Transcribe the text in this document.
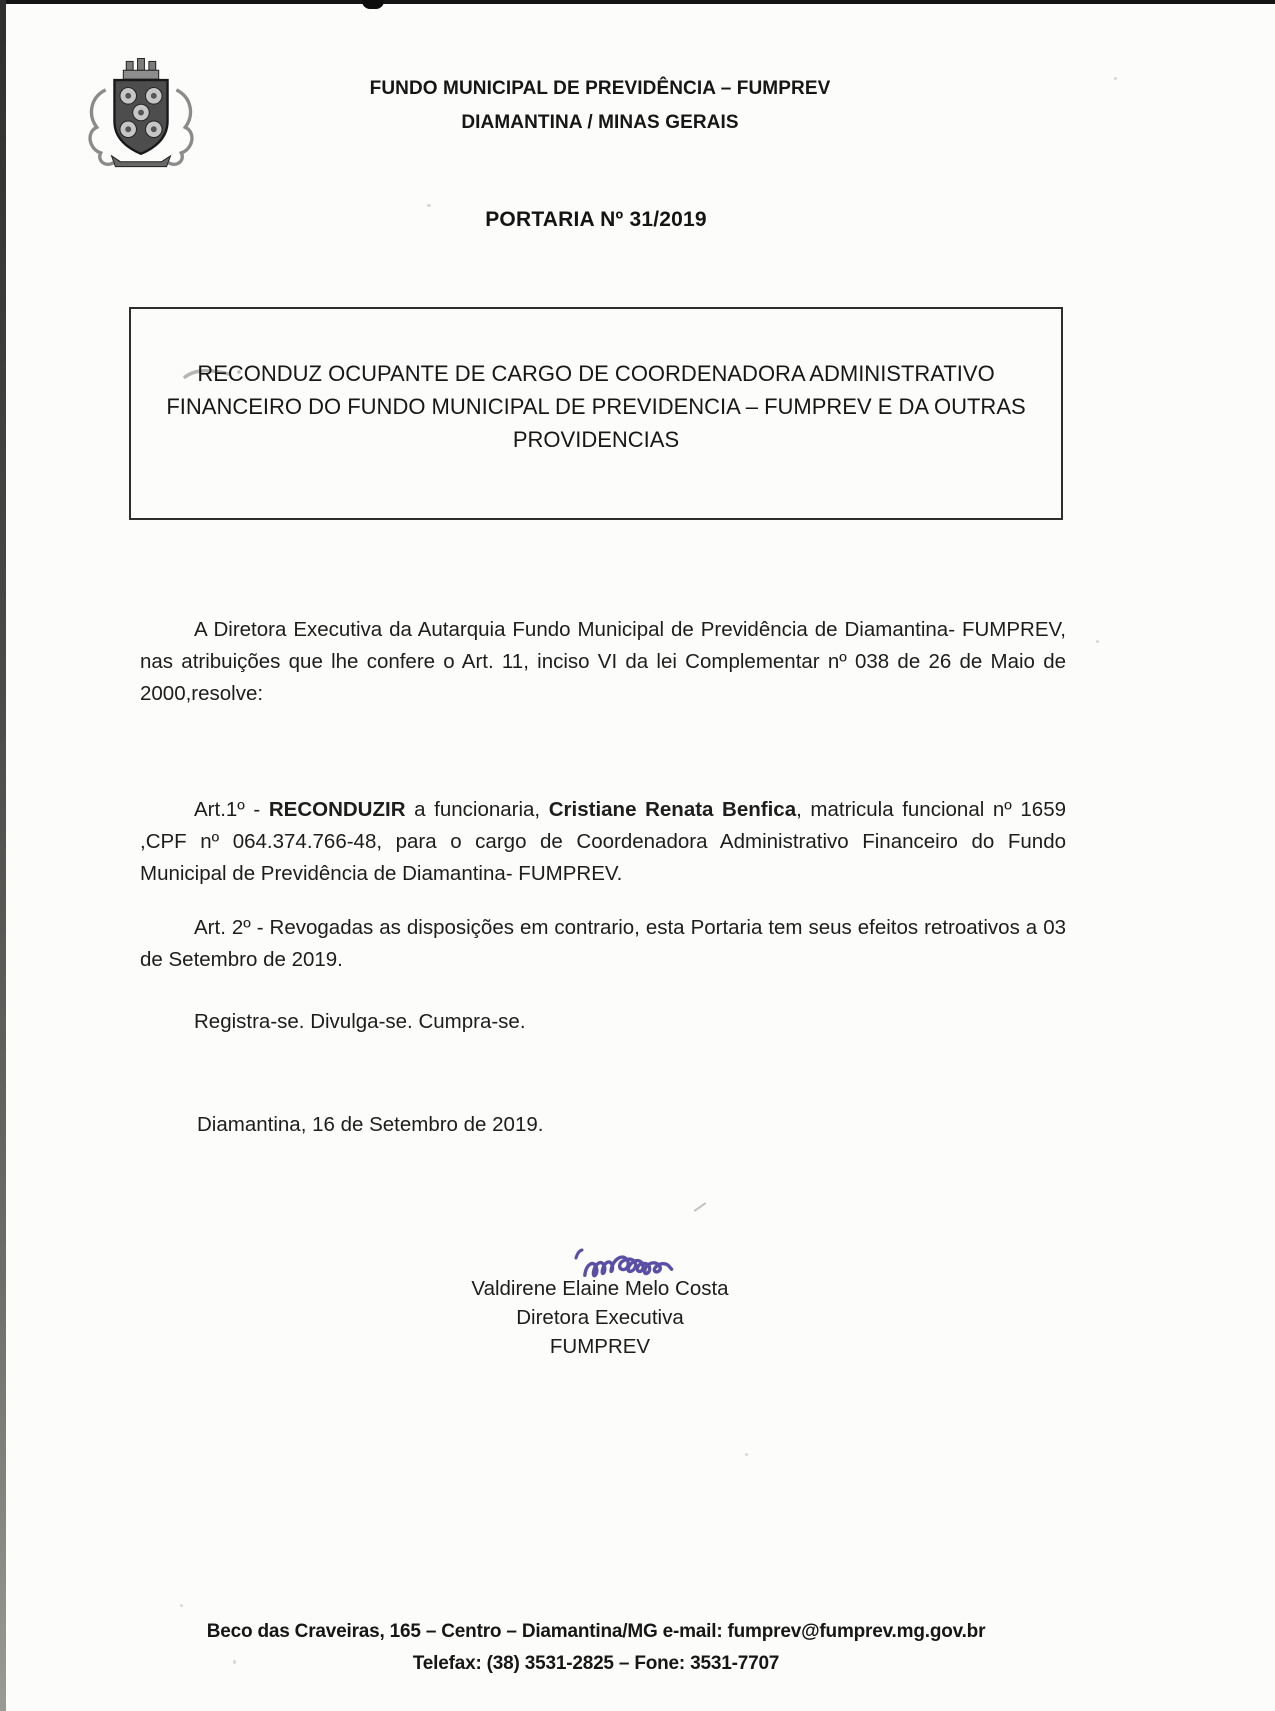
FUNDO MUNICIPAL DE PREVIDÊNCIA – FUMPREV
DIAMANTINA / MINAS GERAIS
PORTARIA Nº 31/2019
RECONDUZ OCUPANTE DE CARGO DE COORDENADORA ADMINISTRATIVO
FINANCEIRO DO FUNDO MUNICIPAL DE PREVIDENCIA – FUMPREV E DA OUTRAS
PROVIDENCIAS

A Diretora Executiva da Autarquia Fundo Municipal de Previdência de Diamantina- FUMPREV, nas atribuições que lhe confere o Art. 11, inciso VI da lei Complementar nº 038 de 26 de Maio de 2000,resolve:

Art.1º - RECONDUZIR a funcionaria, Cristiane Renata Benfica, matricula funcional nº 1659 ,CPF nº 064.374.766-48, para o cargo de Coordenadora Administrativo Financeiro do Fundo Municipal de Previdência de Diamantina- FUMPREV.

Art. 2º - Revogadas as disposições em contrario, esta Portaria tem seus efeitos retroativos a 03 de Setembro de 2019.

Registra-se. Divulga-se. Cumpra-se.

Diamantina, 16 de Setembro de 2019.

Valdirene Elaine Melo Costa
Diretora Executiva
FUMPREV
Beco das Craveiras, 165 – Centro – Diamantina/MG e-mail: fumprev@fumprev.mg.gov.br
Telefax: (38) 3531-2825 – Fone: 3531-7707
